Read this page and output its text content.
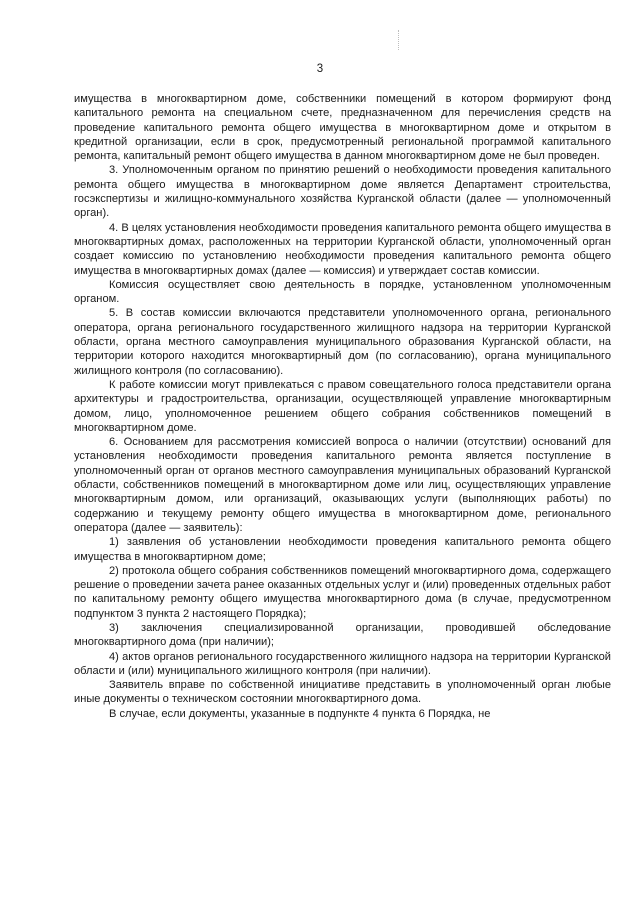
3

имущества в многоквартирном доме, собственники помещений в котором формируют фонд капитального ремонта на специальном счете, предназначенном для перечисления средств на проведение капитального ремонта общего имущества в многоквартирном доме и открытом в кредитной организации, если в срок, предусмотренный региональной программой капитального ремонта, капитальный ремонт общего имущества в данном многоквартирном доме не был проведен.

3. Уполномоченным органом по принятию решений о необходимости проведения капитального ремонта общего имущества в многоквартирном доме является Департамент строительства, госэкспертизы и жилищно-коммунального хозяйства Курганской области (далее — уполномоченный орган).

4. В целях установления необходимости проведения капитального ремонта общего имущества в многоквартирных домах, расположенных на территории Курганской области, уполномоченный орган создает комиссию по установлению необходимости проведения капитального ремонта общего имущества в многоквартирных домах (далее — комиссия) и утверждает состав комиссии.

Комиссия осуществляет свою деятельность в порядке, установленном уполномоченным органом.

5. В состав комиссии включаются представители уполномоченного органа, регионального оператора, органа регионального государственного жилищного надзора на территории Курганской области, органа местного самоуправления муниципального образования Курганской области, на территории которого находится многоквартирный дом (по согласованию), органа муниципального жилищного контроля (по согласованию).

К работе комиссии могут привлекаться с правом совещательного голоса представители органа архитектуры и градостроительства, организации, осуществляющей управление многоквартирным домом, лицо, уполномоченное решением общего собрания собственников помещений в многоквартирном доме.

6. Основанием для рассмотрения комиссией вопроса о наличии (отсутствии) оснований для установления необходимости проведения капитального ремонта является поступление в уполномоченный орган от органов местного самоуправления муниципальных образований Курганской области, собственников помещений в многоквартирном доме или лиц, осуществляющих управление многоквартирным домом, или организаций, оказывающих услуги (выполняющих работы) по содержанию и текущему ремонту общего имущества в многоквартирном доме, регионального оператора (далее — заявитель):

1) заявления об установлении необходимости проведения капитального ремонта общего имущества в многоквартирном доме;

2) протокола общего собрания собственников помещений многоквартирного дома, содержащего решение о проведении зачета ранее оказанных отдельных услуг и (или) проведенных отдельных работ по капитальному ремонту общего имущества многоквартирного дома (в случае, предусмотренном подпунктом 3 пункта 2 настоящего Порядка);

3) заключения специализированной организации, проводившей обследование многоквартирного дома (при наличии);

4) актов органов регионального государственного жилищного надзора на территории Курганской области и (или) муниципального жилищного контроля (при наличии).

Заявитель вправе по собственной инициативе представить в уполномоченный орган любые иные документы о техническом состоянии многоквартирного дома.

В случае, если документы, указанные в подпункте 4 пункта 6 Порядка, не
